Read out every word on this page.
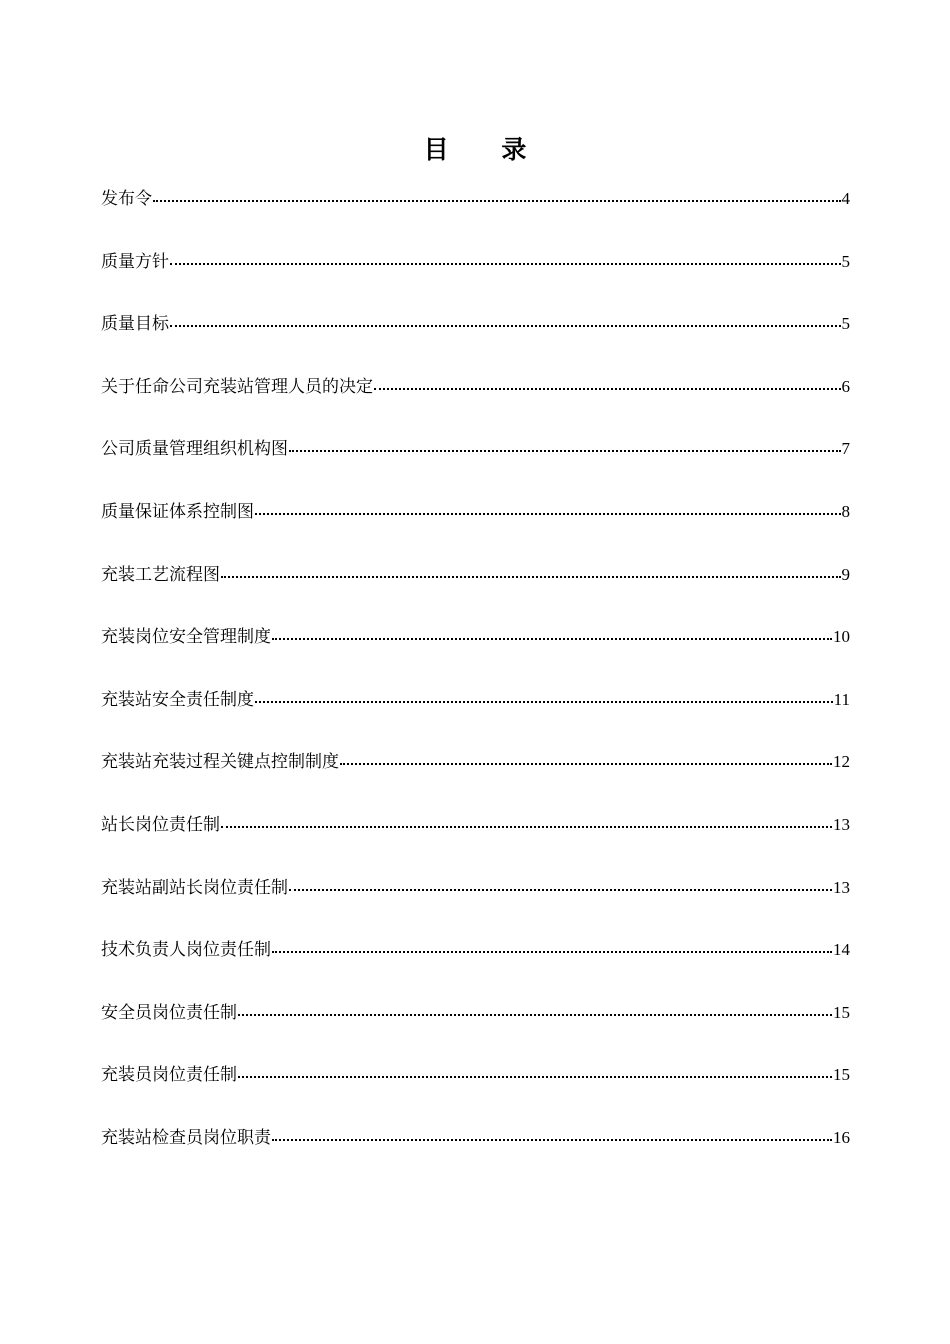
目 录
发布令	4
质量方针	5
质量目标	5
关于任命公司充装站管理人员的决定	6
公司质量管理组织机构图	7
质量保证体系控制图	8
充装工艺流程图	9
充装岗位安全管理制度	10
充装站安全责任制度	11
充装站充装过程关键点控制制度	12
站长岗位责任制	13
充装站副站长岗位责任制	13
技术负责人岗位责任制	14
安全员岗位责任制	15
充装员岗位责任制	15
充装站检查员岗位职责	16
